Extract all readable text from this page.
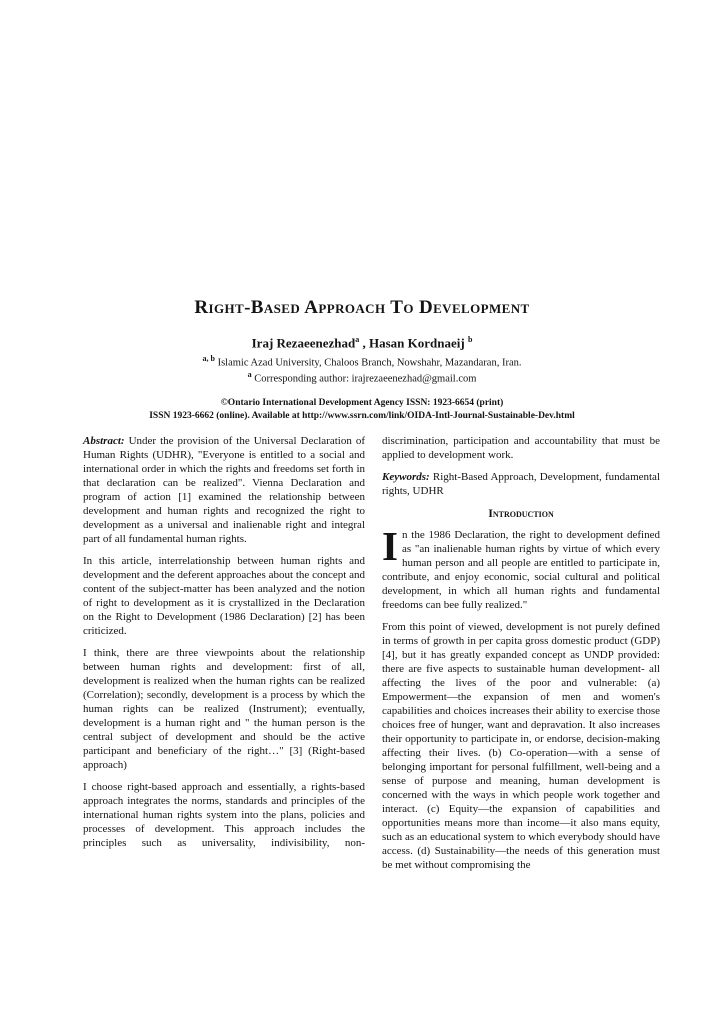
Right-Based Approach To Development
Iraj Rezaeenezhad$^a$ , Hasan Kordnaeij $^b$
$^{a, b}$ Islamic Azad University, Chaloos Branch, Nowshahr, Mazandaran, Iran.
$^a$ Corresponding author: irajrezaeenezhad@gmail.com
©Ontario International Development Agency ISSN: 1923-6654 (print)
ISSN 1923-6662 (online). Available at http://www.ssrn.com/link/OIDA-Intl-Journal-Sustainable-Dev.html

Abstract: Under the provision of the Universal Declaration of Human Rights (UDHR), "Everyone is entitled to a social and international order in which the rights and freedoms set forth in that declaration can be realized". Vienna Declaration and program of action [1] examined the relationship between development and human rights and recognized the right to development as a universal and inalienable right and integral part of all fundamental human rights.

In this article, interrelationship between human rights and development and the deferent approaches about the concept and content of the subject-matter has been analyzed and the notion of right to development as it is crystallized in the Declaration on the Right to Development (1986 Declaration) [2] has been criticized.

I think, there are three viewpoints about the relationship between human rights and development: first of all, development is realized when the human rights can be realized (Correlation); secondly, development is a process by which the human rights can be realized (Instrument); eventually, development is a human right and " the human person is the central subject of development and should be the active participant and beneficiary of the right…" [3] (Right-based approach)

I choose right-based approach and essentially, a rights-based approach integrates the norms, standards and principles of the international human rights system into the plans, policies and processes of development. This approach includes the principles such as universality, indivisibility, non-

discrimination, participation and accountability that must be applied to development work.

Keywords: Right-Based Approach, Development, fundamental rights, UDHR

Introduction

In the 1986 Declaration, the right to development defined as "an inalienable human rights by virtue of which every human person and all people are entitled to participate in, contribute, and enjoy economic, social cultural and political development, in which all human rights and fundamental freedoms can bee fully realized."

From this point of viewed, development is not purely defined in terms of growth in per capita gross domestic product (GDP) [4], but it has greatly expanded concept as UNDP provided: there are five aspects to sustainable human development- all affecting the lives of the poor and vulnerable: (a) Empowerment—the expansion of men and women's capabilities and choices increases their ability to exercise those choices free of hunger, want and depravation. It also increases their opportunity to participate in, or endorse, decision-making affecting their lives. (b) Co-operation—with a sense of belonging important for personal fulfillment, well-being and a sense of purpose and meaning, human development is concerned with the ways in which people work together and interact. (c) Equity—the expansion of capabilities and opportunities means more than income—it also mans equity, such as an educational system to which everybody should have access. (d) Sustainability—the needs of this generation must be met without compromising the
